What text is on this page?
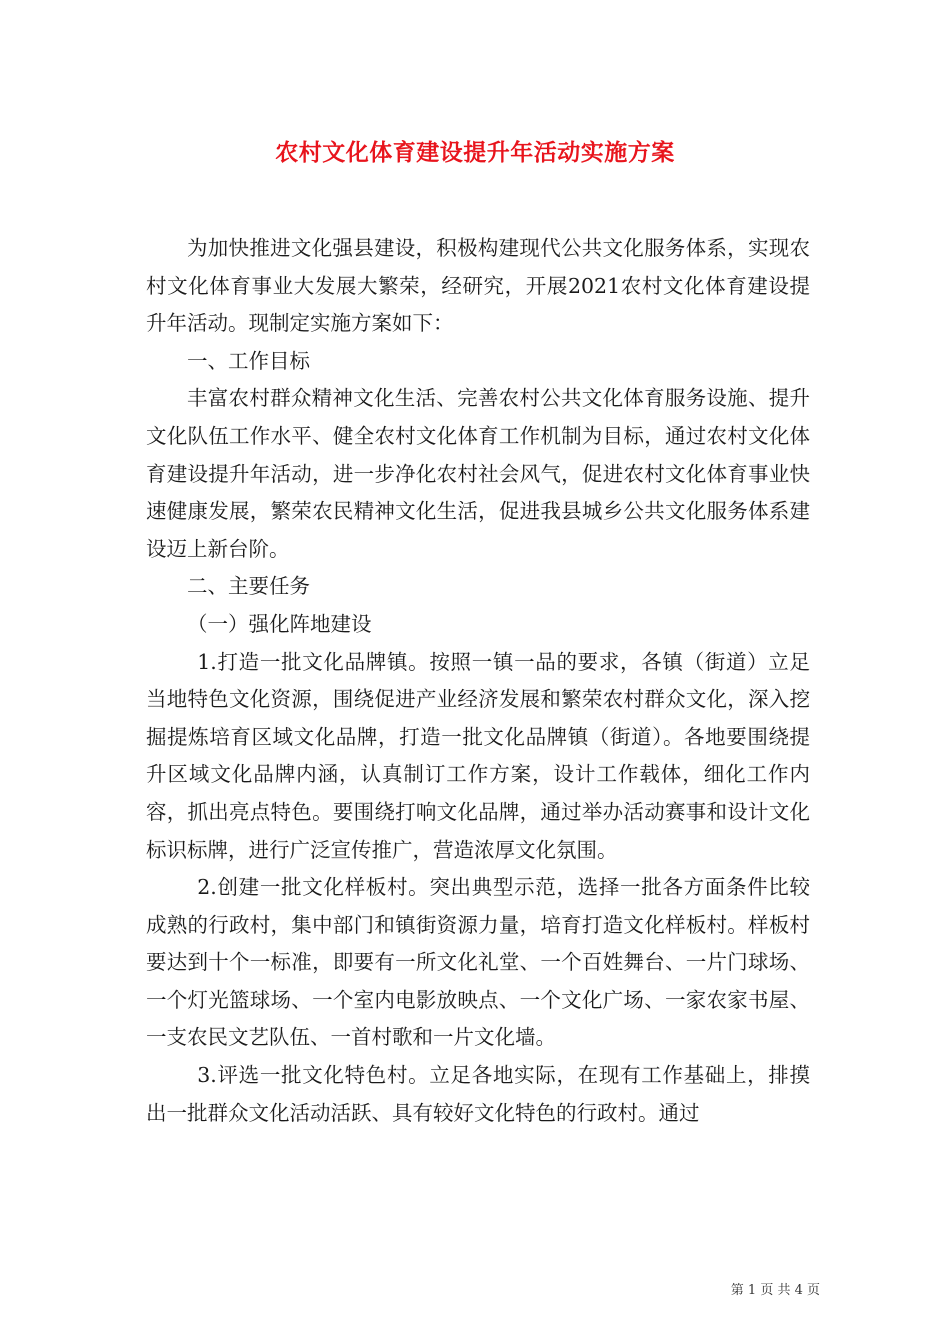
农村文化体育建设提升年活动实施方案

为加快推进文化强县建设，积极构建现代公共文化服务体系，实现农村文化体育事业大发展大繁荣，经研究，开展2021农村文化体育建设提升年活动。现制定实施方案如下：

一、工作目标

丰富农村群众精神文化生活、完善农村公共文化体育服务设施、提升文化队伍工作水平、健全农村文化体育工作机制为目标，通过农村文化体育建设提升年活动，进一步净化农村社会风气，促进农村文化体育事业快速健康发展，繁荣农民精神文化生活，促进我县城乡公共文化服务体系建设迈上新台阶。

二、主要任务

（一）强化阵地建设

1.打造一批文化品牌镇。按照一镇一品的要求，各镇（街道）立足当地特色文化资源，围绕促进产业经济发展和繁荣农村群众文化，深入挖掘提炼培育区域文化品牌，打造一批文化品牌镇（街道）。各地要围绕提升区域文化品牌内涵，认真制订工作方案，设计工作载体，细化工作内容，抓出亮点特色。要围绕打响文化品牌，通过举办活动赛事和设计文化标识标牌，进行广泛宣传推广，营造浓厚文化氛围。

2.创建一批文化样板村。突出典型示范，选择一批各方面条件比较成熟的行政村，集中部门和镇街资源力量，培育打造文化样板村。样板村要达到十个一标准，即要有一所文化礼堂、一个百姓舞台、一片门球场、一个灯光篮球场、一个室内电影放映点、一个文化广场、一家农家书屋、一支农民文艺队伍、一首村歌和一片文化墙。

3.评选一批文化特色村。立足各地实际，在现有工作基础上，排摸出一批群众文化活动活跃、具有较好文化特色的行政村。通过

第 1 页 共 4 页
